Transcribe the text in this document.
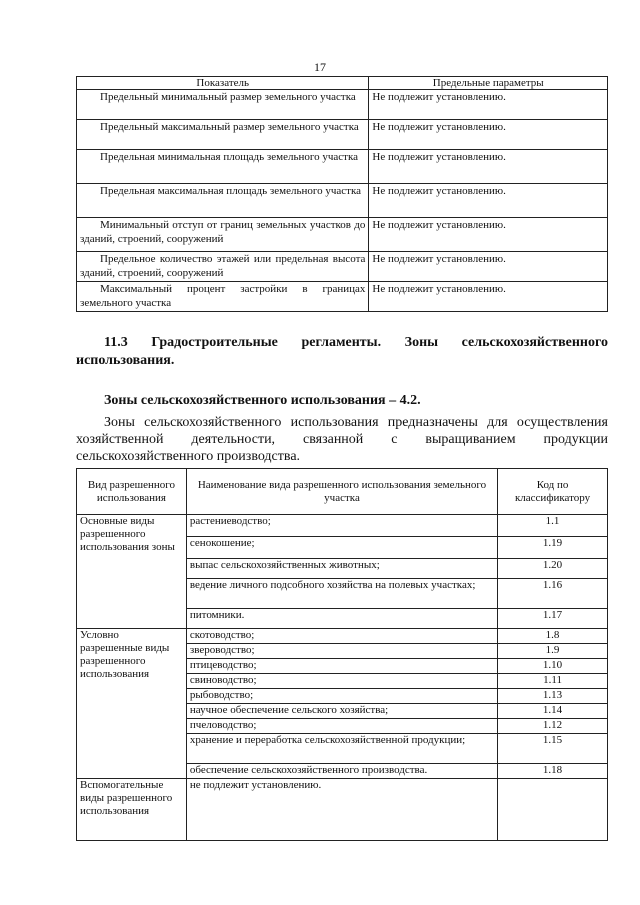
17
Показатель	Предельные параметры
Предельный минимальный размер земельного участка	Не подлежит установлению.
Предельный максимальный размер земельного участка	Не подлежит установлению.
Предельная минимальная площадь земельного участка	Не подлежит установлению.
Предельная максимальная площадь земельного участка	Не подлежит установлению.
Минимальный отступ от границ земельных участков до зданий, строений, сооружений	Не подлежит установлению.
Предельное количество этажей или предельная высота зданий, строений, сооружений	Не подлежит установлению.
Максимальный процент застройки в границах земельного участка	Не подлежит установлению.
11.3 Градостроительные регламенты. Зоны сельскохозяйственного использования.
Зоны сельскохозяйственного использования – 4.2.
Зоны сельскохозяйственного использования предназначены для осуществления хозяйственной деятельности, связанной с выращиванием продукции сельскохозяйственного производства.
Вид разрешенного использования	Наименование вида разрешенного использования земельного участка	Код по классификатору
Основные виды разрешенного использования зоны	растениеводство;	1.1
	сенокошение;	1.19
	выпас сельскохозяйственных животных;	1.20
	ведение личного подсобного хозяйства на полевых участках;	1.16
	питомники.	1.17
Условно разрешенные виды разрешенного использования	скотоводство;	1.8
	звероводство;	1.9
	птицеводство;	1.10
	свиноводство;	1.11
	рыбоводство;	1.13
	научное обеспечение сельского хозяйства;	1.14
	пчеловодство;	1.12
	хранение и переработка сельскохозяйственной продукции;	1.15
	обеспечение сельскохозяйственного производства.	1.18
Вспомогательные виды разрешенного использования	не подлежит установлению.	
